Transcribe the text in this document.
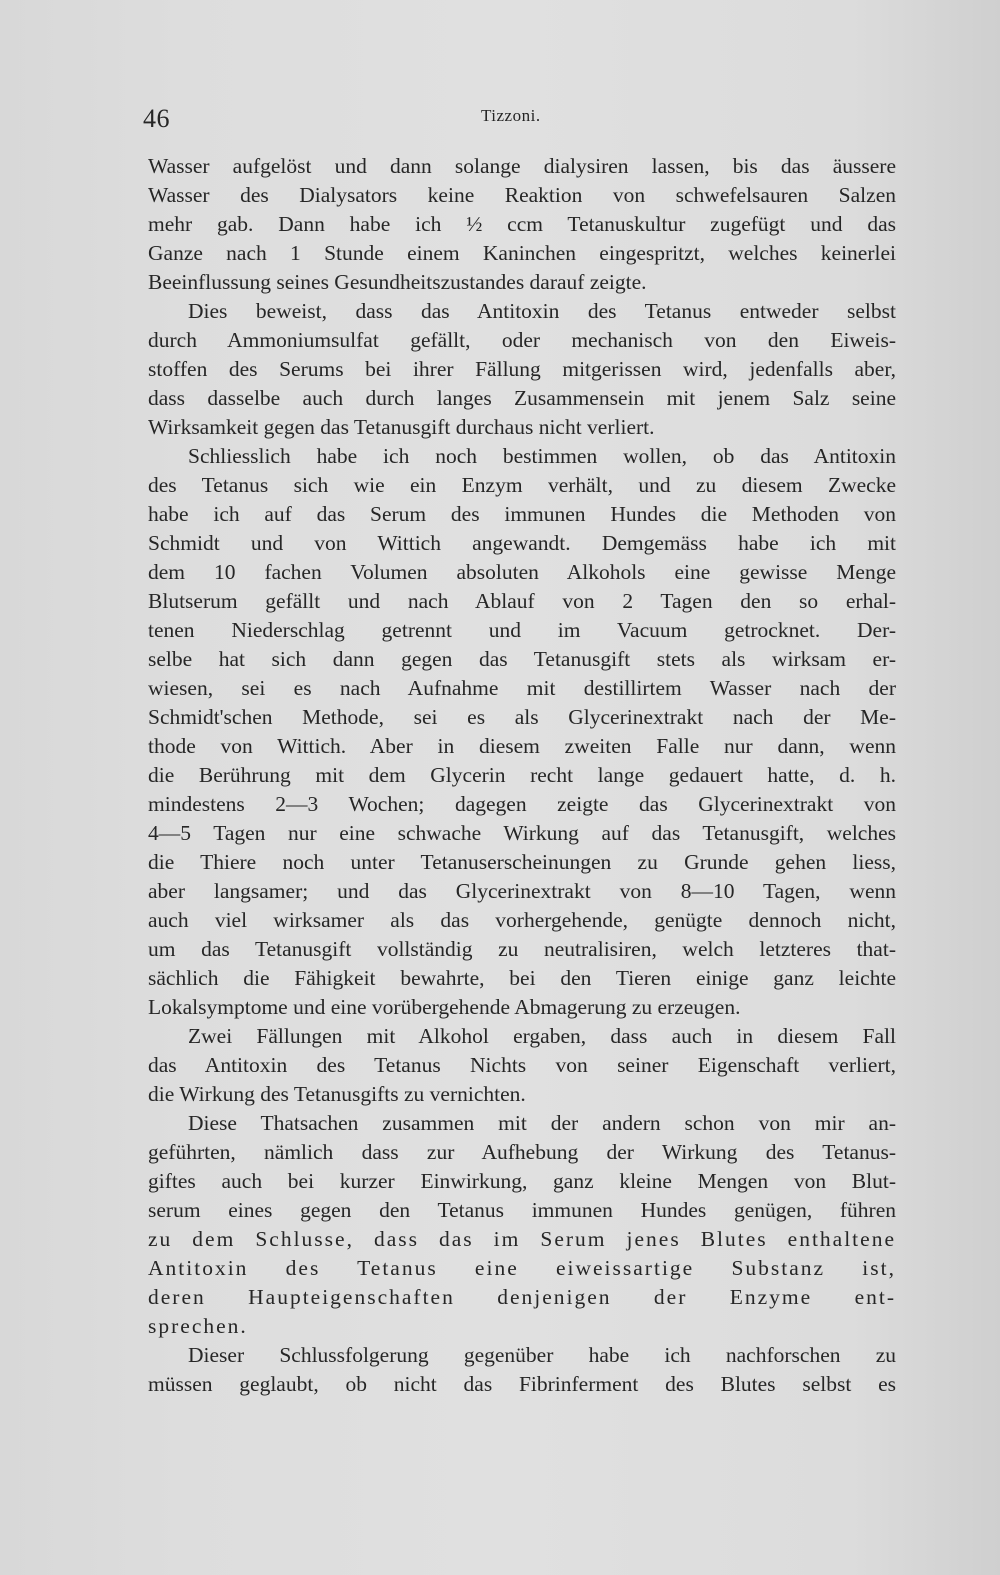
46	Tizzoni.
Wasser aufgelöst und dann solange dialysiren lassen, bis das äussere
Wasser des Dialysators keine Reaktion von schwefelsauren Salzen
mehr gab. Dann habe ich ½ ccm Tetanuskultur zugefügt und das
Ganze nach 1 Stunde einem Kaninchen eingespritzt, welches keinerlei
Beeinflussung seines Gesundheitszustandes darauf zeigte.
Dies beweist, dass das Antitoxin des Tetanus entweder selbst
durch Ammoniumsulfat gefällt, oder mechanisch von den Eiweis-
stoffen des Serums bei ihrer Fällung mitgerissen wird, jedenfalls aber,
dass dasselbe auch durch langes Zusammensein mit jenem Salz seine
Wirksamkeit gegen das Tetanusgift durchaus nicht verliert.
Schliesslich habe ich noch bestimmen wollen, ob das Antitoxin
des Tetanus sich wie ein Enzym verhält, und zu diesem Zwecke
habe ich auf das Serum des immunen Hundes die Methoden von
Schmidt und von Wittich angewandt. Demgemäss habe ich mit
dem 10 fachen Volumen absoluten Alkohols eine gewisse Menge
Blutserum gefällt und nach Ablauf von 2 Tagen den so erhal-
tenen Niederschlag getrennt und im Vacuum getrocknet. Der-
selbe hat sich dann gegen das Tetanusgift stets als wirksam er-
wiesen, sei es nach Aufnahme mit destillirtem Wasser nach der
Schmidt'schen Methode, sei es als Glycerinextrakt nach der Me-
thode von Wittich. Aber in diesem zweiten Falle nur dann, wenn
die Berührung mit dem Glycerin recht lange gedauert hatte, d. h.
mindestens 2—3 Wochen; dagegen zeigte das Glycerinextrakt von
4—5 Tagen nur eine schwache Wirkung auf das Tetanusgift, welches
die Thiere noch unter Tetanuserscheinungen zu Grunde gehen liess,
aber langsamer; und das Glycerinextrakt von 8—10 Tagen, wenn
auch viel wirksamer als das vorhergehende, genügte dennoch nicht,
um das Tetanusgift vollständig zu neutralisiren, welch letzteres that-
sächlich die Fähigkeit bewahrte, bei den Tieren einige ganz leichte
Lokalsymptome und eine vorübergehende Abmagerung zu erzeugen.
Zwei Fällungen mit Alkohol ergaben, dass auch in diesem Fall
das Antitoxin des Tetanus Nichts von seiner Eigenschaft verliert,
die Wirkung des Tetanusgifts zu vernichten.
Diese Thatsachen zusammen mit der andern schon von mir an-
geführten, nämlich dass zur Aufhebung der Wirkung des Tetanus-
giftes auch bei kurzer Einwirkung, ganz kleine Mengen von Blut-
serum eines gegen den Tetanus immunen Hundes genügen, führen
zu dem Schlusse, dass das im Serum jenes Blutes enthaltene
Antitoxin des Tetanus eine eiweissartige Substanz ist,
deren Haupteigenschaften denjenigen der Enzyme ent-
sprechen.
Dieser Schlussfolgerung gegenüber habe ich nachforschen zu
müssen geglaubt, ob nicht das Fibrinferment des Blutes selbst es
